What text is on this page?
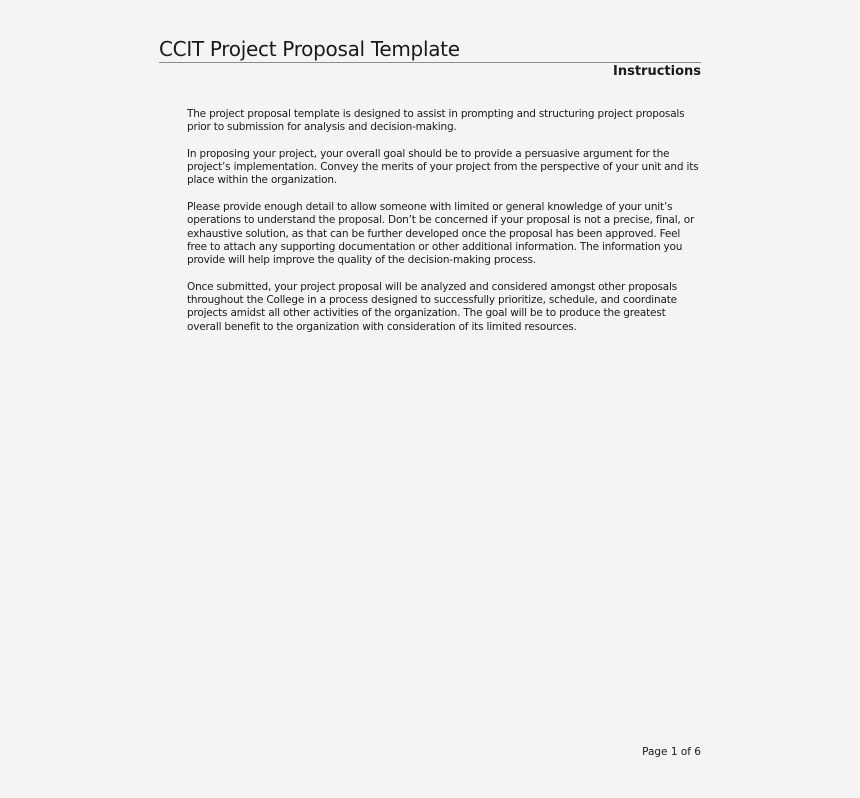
CCIT Project Proposal Template
Instructions

The project proposal template is designed to assist in prompting and structuring project proposals prior to submission for analysis and decision-making.

In proposing your project, your overall goal should be to provide a persuasive argument for the project’s implementation. Convey the merits of your project from the perspective of your unit and its place within the organization.

Please provide enough detail to allow someone with limited or general knowledge of your unit’s operations to understand the proposal. Don’t be concerned if your proposal is not a precise, final, or exhaustive solution, as that can be further developed once the proposal has been approved. Feel free to attach any supporting documentation or other additional information. The information you provide will help improve the quality of the decision-making process.

Once submitted, your project proposal will be analyzed and considered amongst other proposals throughout the College in a process designed to successfully prioritize, schedule, and coordinate projects amidst all other activities of the organization. The goal will be to produce the greatest overall benefit to the organization with consideration of its limited resources.

Page 1 of 6
